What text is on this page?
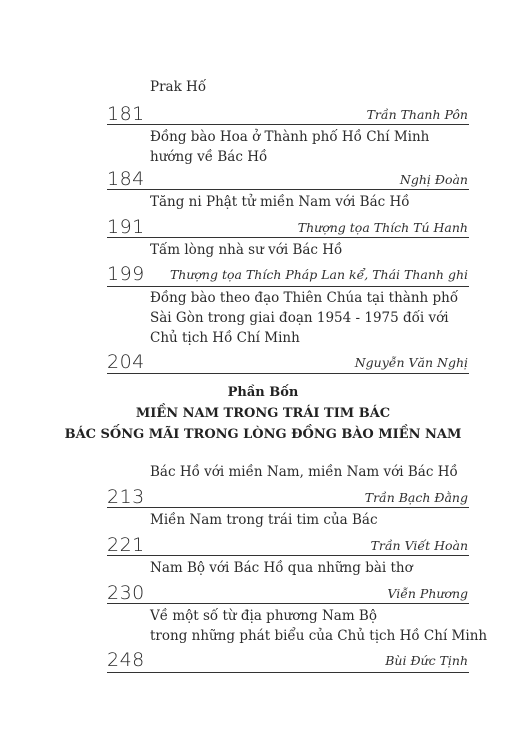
Prak Hố
181	Trần Thanh Pôn
Đồng bào Hoa ở Thành phố Hồ Chí Minh
hướng về Bác Hồ
184	Nghị Đoàn
Tăng ni Phật tử miền Nam với Bác Hồ
191	Thượng tọa Thích Tú Hanh
Tấm lòng nhà sư với Bác Hồ
199 Thượng tọa Thích Pháp Lan kể, Thái Thanh ghi
Đồng bào theo đạo Thiên Chúa tại thành phố
Sài Gòn trong giai đoạn 1954 - 1975 đối với
Chủ tịch Hồ Chí Minh
204	Nguyễn Văn Nghị
Phần Bốn
MIỀN NAM TRONG TRÁI TIM BÁC
BÁC SỐNG MÃI TRONG LÒNG ĐỒNG BÀO MIỀN NAM
Bác Hồ với miền Nam, miền Nam với Bác Hồ
213	Trần Bạch Đằng
Miền Nam trong trái tim của Bác
221	Trần Viết Hoàn
Nam Bộ với Bác Hồ qua những bài thơ
230	Viễn Phương
Về một số từ địa phương Nam Bộ
trong những phát biểu của Chủ tịch Hồ Chí Minh
248	Bùi Đức Tịnh
